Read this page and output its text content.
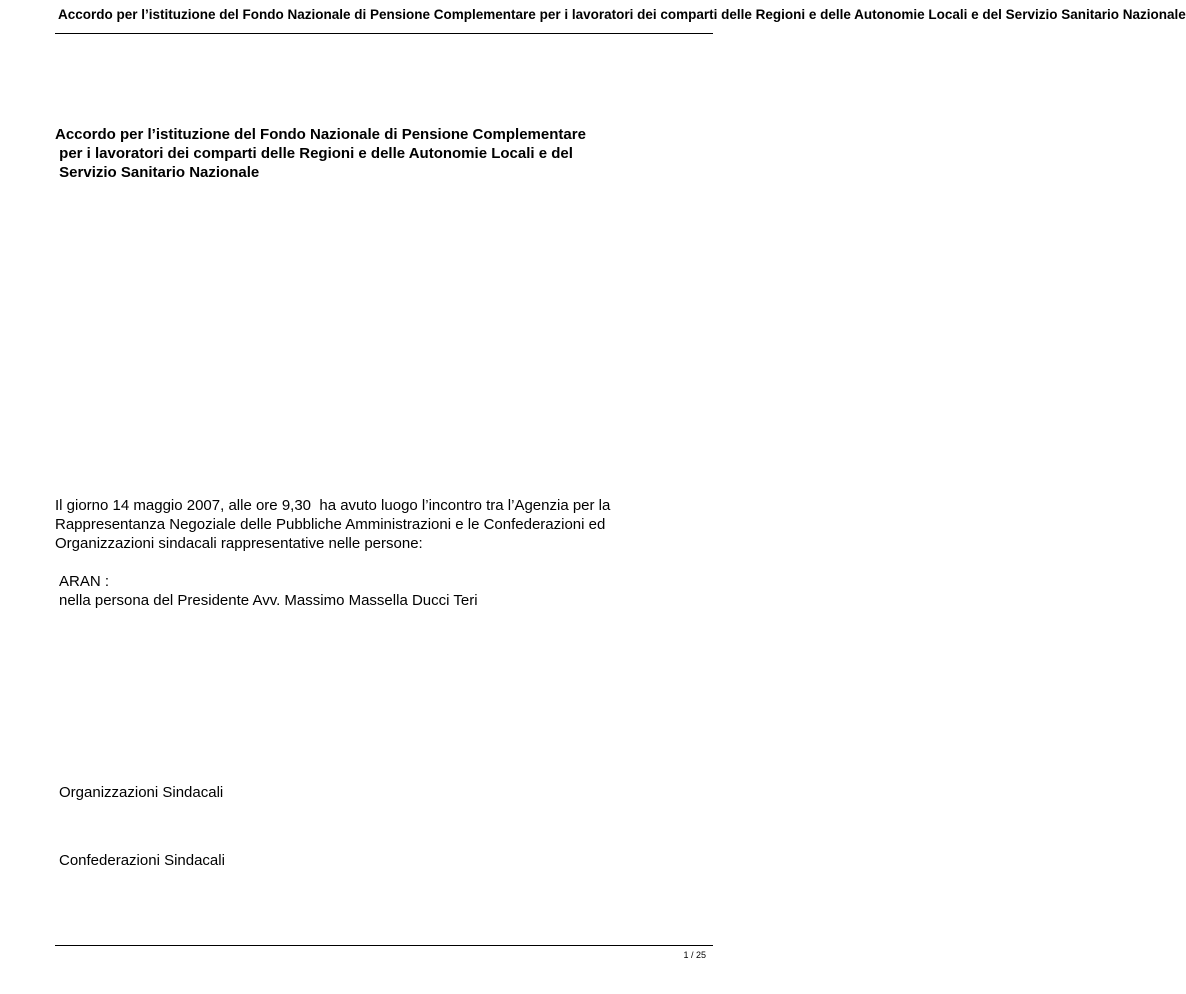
Accordo per l’istituzione del Fondo Nazionale di Pensione Complementare per i lavoratori dei comparti delle Regioni e delle Autonomie Locali e del Servizio Sanitario Nazionale
Accordo per l’istituzione del Fondo Nazionale di Pensione Complementare
per i lavoratori dei comparti delle Regioni e delle Autonomie Locali e del
Servizio Sanitario Nazionale

Il giorno 14 maggio 2007, alle ore 9,30  ha avuto luogo l’incontro tra l’Agenzia per la
Rappresentanza Negoziale delle Pubbliche Amministrazioni e le Confederazioni ed
Organizzazioni sindacali rappresentative nelle persone:

ARAN :
nella persona del Presidente Avv. Massimo Massella Ducci Teri
Organizzazioni Sindacali
Confederazioni Sindacali
1 / 25
